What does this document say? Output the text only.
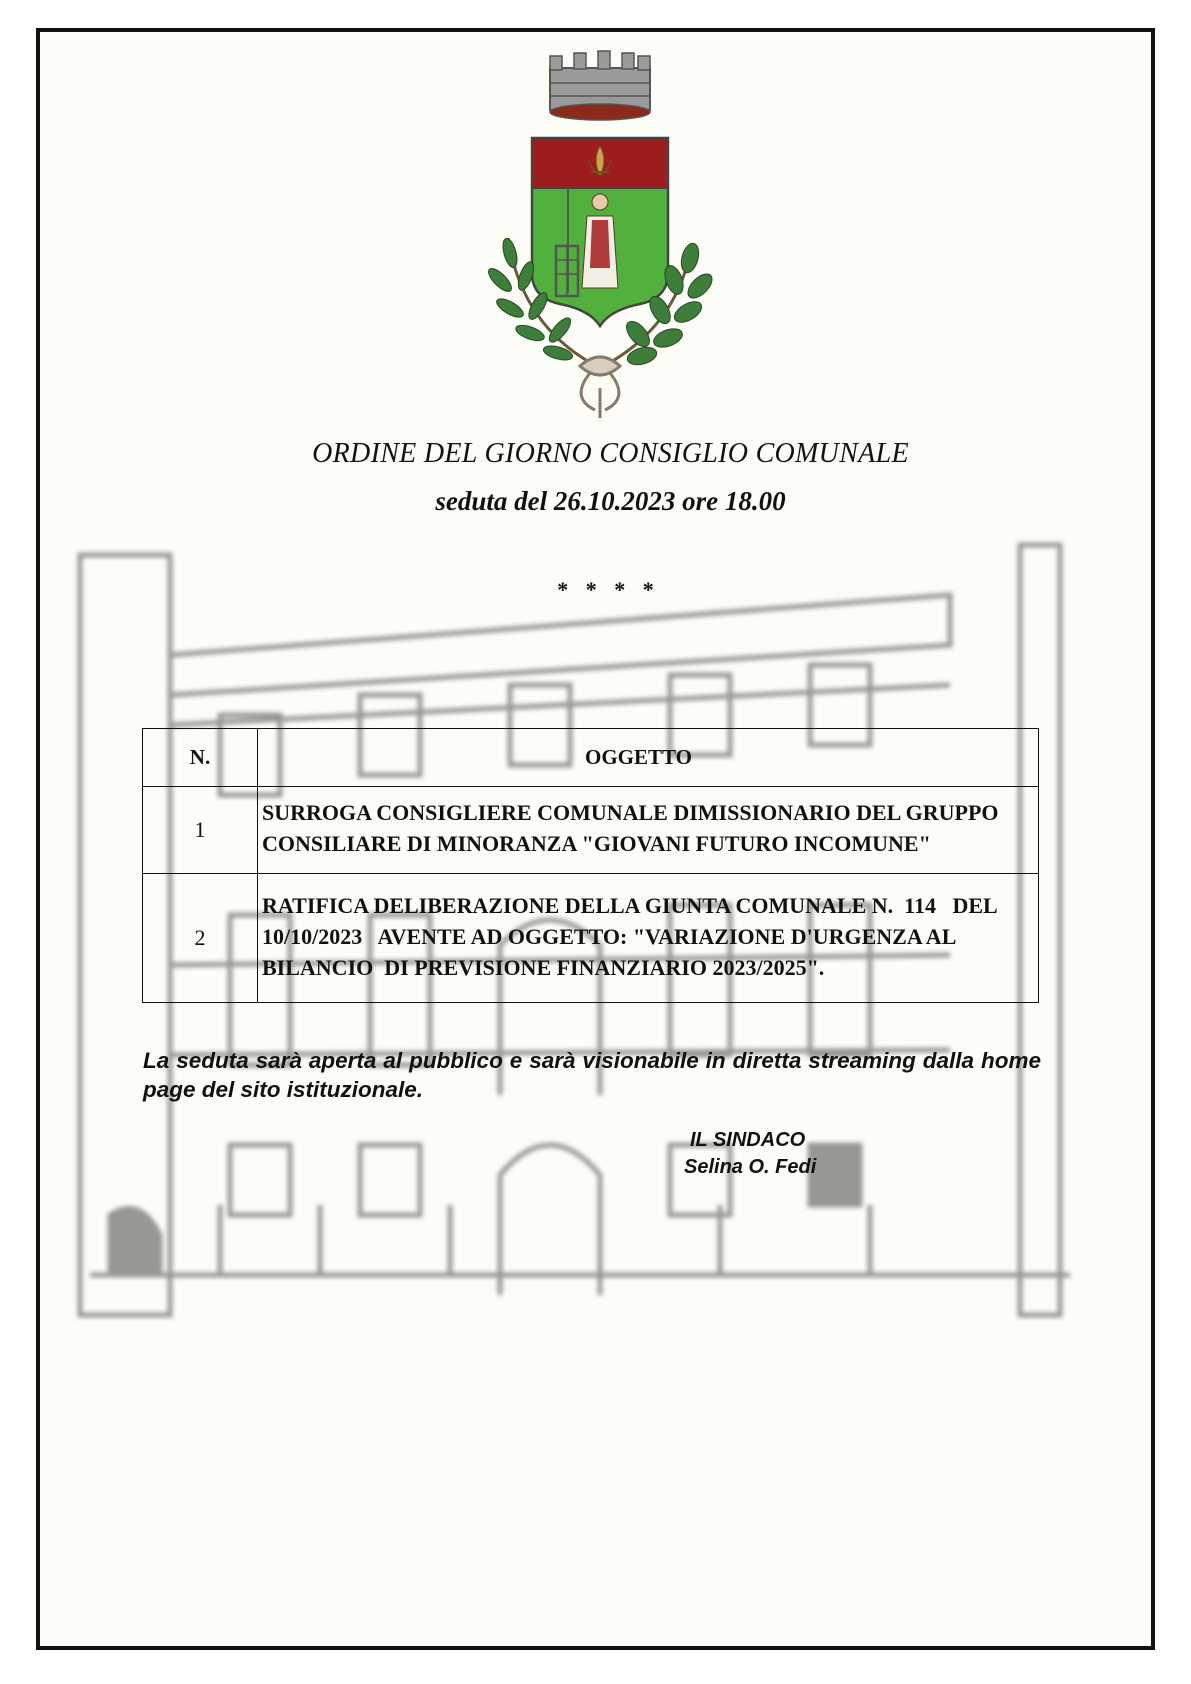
ORDINE DEL GIORNO CONSIGLIO COMUNALE
seduta del 26.10.2023 ore 18.00
* * * *
N.	OGGETTO
1	SURROGA CONSIGLIERE COMUNALE DIMISSIONARIO DEL GRUPPO
CONSILIARE DI MINORANZA "GIOVANI FUTURO INCOMUNE"

2	RATIFICA DELIBERAZIONE DELLA GIUNTA COMUNALE N.  114   DEL
10/10/2023   AVENTE AD OGGETTO: "VARIAZIONE D'URGENZA AL
BILANCIO  DI PREVISIONE FINANZIARIO 2023/2025".
La seduta sarà aperta al pubblico e sarà visionabile in diretta streaming dalla home page del sito istituzionale.
IL SINDACO
Selina O. Fedi
